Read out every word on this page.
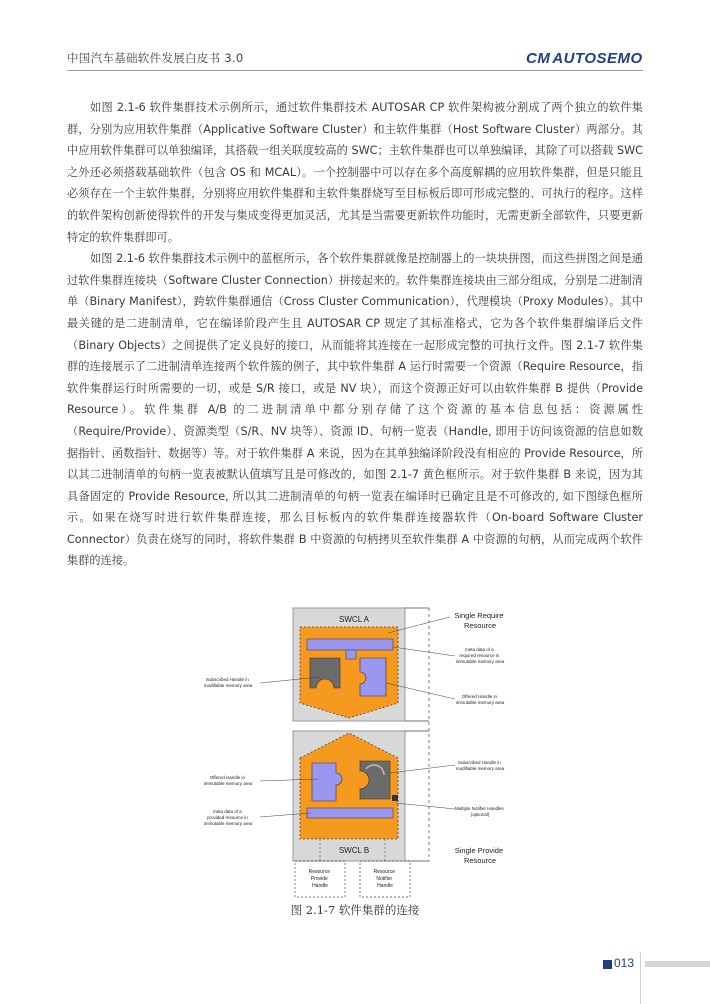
中国汽车基础软件发展白皮书 3.0	CM AUTOSEMO

如图 2.1-6 软件集群技术示例所示，通过软件集群技术 AUTOSAR CP 软件架构被分割成了两个独立的软件集群，分别为应用软件集群（Applicative Software Cluster）和主软件集群（Host Software Cluster）两部分。其中应用软件集群可以单独编译，其搭载一组关联度较高的 SWC；主软件集群也可以单独编译，其除了可以搭载 SWC 之外还必须搭载基础软件（包含 OS 和 MCAL）。一个控制器中可以存在多个高度解耦的应用软件集群，但是只能且必须存在一个主软件集群，分别将应用软件集群和主软件集群烧写至目标板后即可形成完整的、可执行的程序。这样的软件架构创新使得软件的开发与集成变得更加灵活，尤其是当需要更新软件功能时，无需更新全部软件，只要更新特定的软件集群即可。

如图 2.1-6 软件集群技术示例中的蓝框所示，各个软件集群就像是控制器上的一块块拼图，而这些拼图之间是通过软件集群连接块（Software Cluster Connection）拼接起来的。软件集群连接块由三部分组成，分别是二进制清单（Binary Manifest），跨软件集群通信（Cross Cluster Communication），代理模块（Proxy Modules）。其中最关键的是二进制清单，它在编译阶段产生且 AUTOSAR CP 规定了其标准格式，它为各个软件集群编译后文件（Binary Objects）之间提供了定义良好的接口，从而能将其连接在一起形成完整的可执行文件。图 2.1-7 软件集群的连接展示了二进制清单连接两个软件簇的例子，其中软件集群 A 运行时需要一个资源（Require Resource，指软件集群运行时所需要的一切，或是 S/R 接口，或是 NV 块），而这个资源正好可以由软件集群 B 提供（Provide Resource）。软件集群 A/B 的二进制清单中都分别存储了这个资源的基本信息包括：资源属性（Require/Provide）、资源类型（S/R、NV 块等）、资源 ID、句柄一览表（Handle, 即用于访问该资源的信息如数据指针、函数指针、数据等）等。对于软件集群 A 来说，因为在其单独编译阶段没有相应的 Provide Resource，所以其二进制清单的句柄一览表被默认值填写且是可修改的，如图 2.1-7 黄色框所示。对于软件集群 B 来说，因为其具备固定的 Provide Resource, 所以其二进制清单的句柄一览表在编译时已确定且是不可修改的, 如下图绿色框所示。如果在烧写时进行软件集群连接，那么目标板内的软件集群连接器软件（On-board Software Cluster Connector）负责在烧写的同时，将软件集群 B 中资源的句柄拷贝至软件集群 A 中资源的句柄，从而完成两个软件集群的连接。

SWCL A
SWCL B
Single Require Resource
meta data of a required resource in immutable memory area
Offered Handle in immutable memory area
Subscribed Handle in modifiable memory area
Multiple Notifier Handles (optional)
Single Provide Resource
Subscribed Handle in modifiable memory area
Offered Handle in immutable memory area
meta data of a provided resource in immutable memory area
Resource Provide Handle
Resource Notifier Handle
图 2.1-7 软件集群的连接
013
